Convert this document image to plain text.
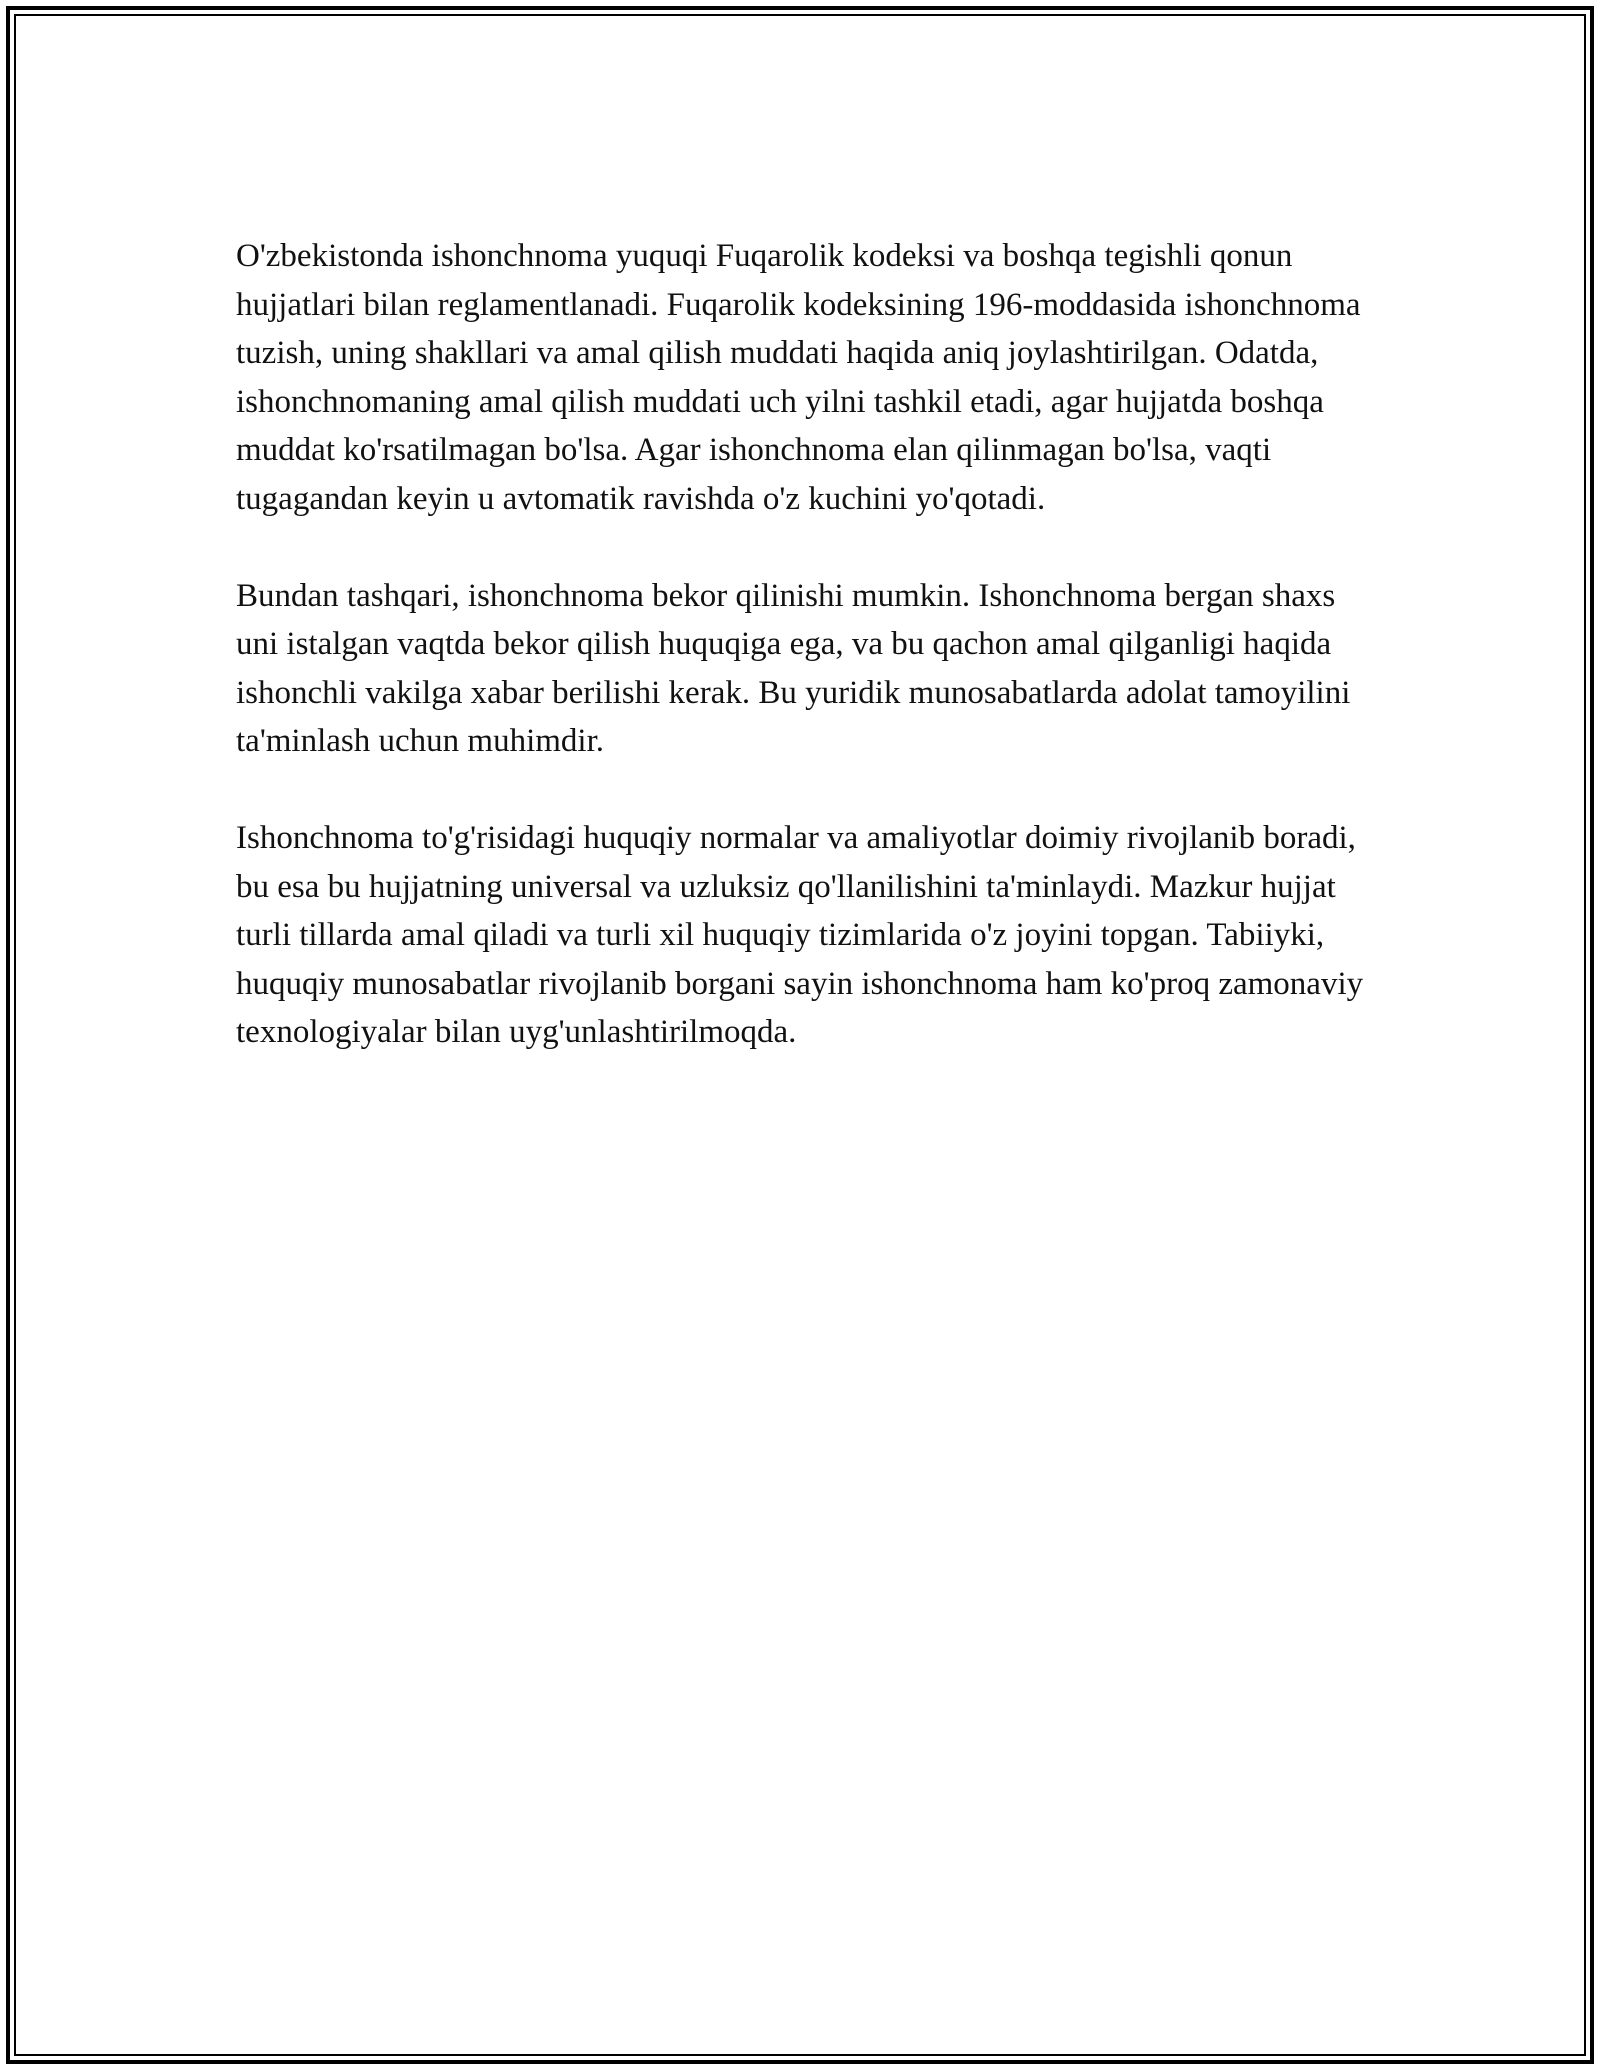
O'zbekistonda ishonchnoma yuquqi Fuqarolik kodeksi va boshqa tegishli qonun hujjatlari bilan reglamentlanadi. Fuqarolik kodeksining 196-moddasida ishonchnoma tuzish, uning shakllari va amal qilish muddati haqida aniq joylashtirilgan. Odatda, ishonchnomaning amal qilish muddati uch yilni tashkil etadi, agar hujjatda boshqa muddat ko'rsatilmagan bo'lsa. Agar ishonchnoma elan qilinmagan bo'lsa, vaqti tugagandan keyin u avtomatik ravishda o'z kuchini yo'qotadi.

Bundan tashqari, ishonchnoma bekor qilinishi mumkin. Ishonchnoma bergan shaxs uni istalgan vaqtda bekor qilish huquqiga ega, va bu qachon amal qilganligi haqida ishonchli vakilga xabar berilishi kerak. Bu yuridik munosabatlarda adolat tamoyilini ta'minlash uchun muhimdir.

Ishonchnoma to'g'risidagi huquqiy normalar va amaliyotlar doimiy rivojlanib boradi, bu esa bu hujjatning universal va uzluksiz qo'llanilishini ta'minlaydi. Mazkur hujjat turli tillarda amal qiladi va turli xil huquqiy tizimlarida o'z joyini topgan. Tabiiyki, huquqiy munosabatlar rivojlanib borgani sayin ishonchnoma ham ko'proq zamonaviy texnologiyalar bilan uyg'unlashtirilmoqda.
